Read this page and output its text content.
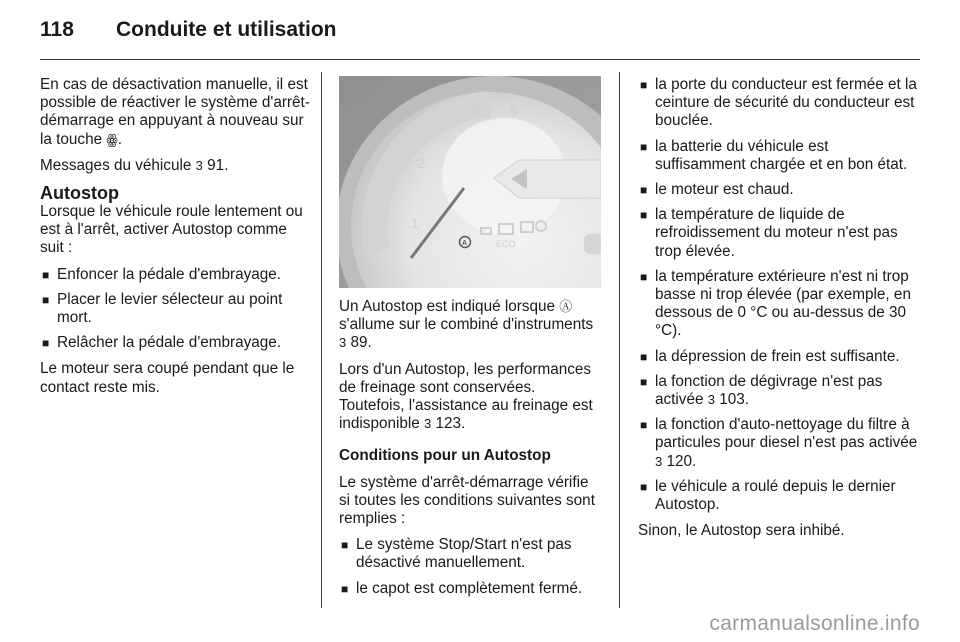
118	Conduite et utilisation

En cas de désactivation manuelle, il est possible de réactiver le système d'arrêt-démarrage en appuyant à nouveau sur la touche ꙮ.

Messages du véhicule 3 91.

Autostop

Lorsque le véhicule roule lentement ou est à l'arrêt, activer Autostop comme suit :

■ Enfoncer la pédale d'embrayage.
■ Placer le levier sélecteur au point mort.
■ Relâcher la pédale d'embrayage.

Le moteur sera coupé pendant que le contact reste mis.

1
2
3
4 5
A	ECO

Un Autostop est indiqué lorsque Ⓐ s'allume sur le combiné d'instruments 3 89.

Lors d'un Autostop, les performances de freinage sont conservées. Toutefois, l'assistance au freinage est indisponible 3 123.

Conditions pour un Autostop

Le système d'arrêt-démarrage vérifie si toutes les conditions suivantes sont remplies :

■ Le système Stop/Start n'est pas désactivé manuellement.
■ le capot est complètement fermé.
■ la porte du conducteur est fermée et la ceinture de sécurité du conducteur est bouclée.
■ la batterie du véhicule est suffisamment chargée et en bon état.
■ le moteur est chaud.
■ la température de liquide de refroidissement du moteur n'est pas trop élevée.
■ la température extérieure n'est ni trop basse ni trop élevée (par exemple, en dessous de 0 °C ou au-dessus de 30 °C).
■ la dépression de frein est suffisante.
■ la fonction de dégivrage n'est pas activée 3 103.
■ la fonction d'auto-nettoyage du filtre à particules pour diesel n'est pas activée 3 120.
■ le véhicule a roulé depuis le dernier Autostop.

Sinon, le Autostop sera inhibé.

carmanualsonline.info
